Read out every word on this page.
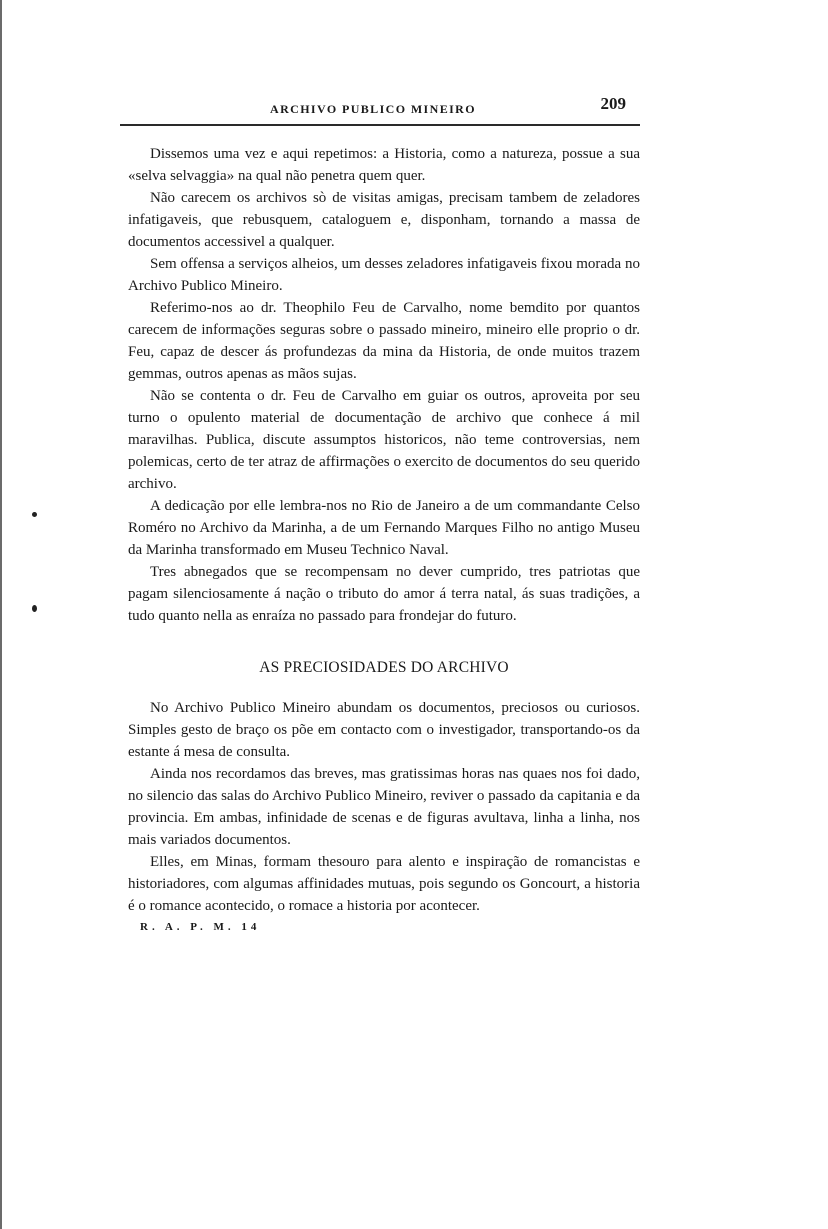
ARCHIVO PUBLICO MINEIRO	209

Dissemos uma vez e aqui repetimos: a Historia, como a natureza, possue a sua «selva selvaggia» na qual não penetra quem quer.

Não carecem os archivos sò de visitas amigas, precisam tambem de zeladores infatigaveis, que rebusquem, cataloguem e, disponham, tornando a massa de documentos accessivel a qualquer.

Sem offensa a serviços alheios, um desses zeladores infatigaveis fixou morada no Archivo Publico Mineiro.

Referimo-nos ao dr. Theophilo Feu de Carvalho, nome bemdito por quantos carecem de informações seguras sobre o passado mineiro, mineiro elle proprio o dr. Feu, capaz de descer ás profundezas da mina da Historia, de onde muitos trazem gemmas, outros apenas as mãos sujas.

Não se contenta o dr. Feu de Carvalho em guiar os outros, aproveita por seu turno o opulento material de documentação de archivo que conhece á mil maravilhas. Publica, discute assumptos historicos, não teme controversias, nem polemicas, certo de ter atraz de affirmações o exercito de documentos do seu querido archivo.

A dedicação por elle lembra-nos no Rio de Janeiro a de um commandante Celso Roméro no Archivo da Marinha, a de um Fernando Marques Filho no antigo Museu da Marinha transformado em Museu Technico Naval.

Tres abnegados que se recompensam no dever cumprido, tres patriotas que pagam silenciosamente á nação o tributo do amor á terra natal, ás suas tradições, a tudo quanto nella as enraíza no passado para frondejar do futuro.

AS PRECIOSIDADES DO ARCHIVO

No Archivo Publico Mineiro abundam os documentos, preciosos ou curiosos. Simples gesto de braço os põe em contacto com o investigador, transportando-os da estante á mesa de consulta.

Ainda nos recordamos das breves, mas gratissimas horas nas quaes nos foi dado, no silencio das salas do Archivo Publico Mineiro, reviver o passado da capitania e da provincia. Em ambas, infinidade de scenas e de figuras avultava, linha a linha, nos mais variados documentos.

Elles, em Minas, formam thesouro para alento e inspiração de romancistas e historiadores, com algumas affinidades mutuas, pois segundo os Goncourt, a historia é o romance acontecido, o romace a historia por acontecer.

R. A. P. M. 14
